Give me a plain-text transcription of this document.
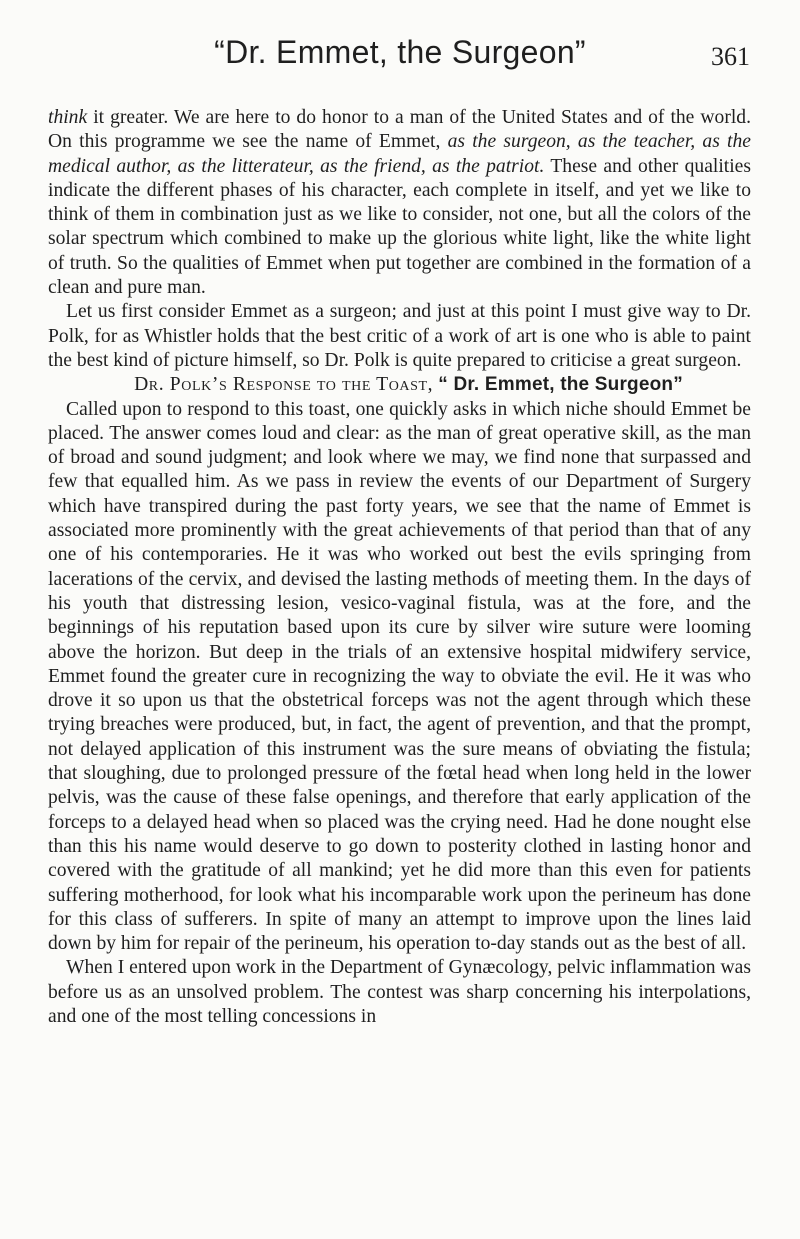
“Dr. Emmet, the Surgeon”	361

think it greater. We are here to do honor to a man of the United States and of the world. On this programme we see the name of Emmet, as the surgeon, as the teacher, as the medical author, as the litterateur, as the friend, as the patriot. These and other qualities indicate the different phases of his character, each complete in itself, and yet we like to think of them in combination just as we like to consider, not one, but all the colors of the solar spectrum which combined to make up the glorious white light, like the white light of truth. So the qualities of Emmet when put together are combined in the formation of a clean and pure man.

Let us first consider Emmet as a surgeon; and just at this point I must give way to Dr. Polk, for as Whistler holds that the best critic of a work of art is one who is able to paint the best kind of picture himself, so Dr. Polk is quite prepared to criticise a great surgeon.

Dr. Polk’s Response to the Toast, “ Dr. Emmet, the Surgeon”

Called upon to respond to this toast, one quickly asks in which niche should Emmet be placed. The answer comes loud and clear: as the man of great operative skill, as the man of broad and sound judgment; and look where we may, we find none that surpassed and few that equalled him. As we pass in review the events of our Department of Surgery which have transpired during the past forty years, we see that the name of Emmet is associated more prominently with the great achievements of that period than that of any one of his contemporaries. He it was who worked out best the evils springing from lacerations of the cervix, and devised the lasting methods of meeting them. In the days of his youth that distressing lesion, vesico-vaginal fistula, was at the fore, and the beginnings of his reputation based upon its cure by silver wire suture were looming above the horizon. But deep in the trials of an extensive hospital midwifery service, Emmet found the greater cure in recognizing the way to obviate the evil. He it was who drove it so upon us that the obstetrical forceps was not the agent through which these trying breaches were produced, but, in fact, the agent of prevention, and that the prompt, not delayed application of this instrument was the sure means of obviating the fistula; that sloughing, due to prolonged pressure of the fœtal head when long held in the lower pelvis, was the cause of these false openings, and therefore that early application of the forceps to a delayed head when so placed was the crying need. Had he done nought else than this his name would deserve to go down to posterity clothed in lasting honor and covered with the gratitude of all mankind; yet he did more than this even for patients suffering motherhood, for look what his incomparable work upon the perineum has done for this class of sufferers. In spite of many an attempt to improve upon the lines laid down by him for repair of the perineum, his operation to-day stands out as the best of all.

When I entered upon work in the Department of Gynæcology, pelvic inflammation was before us as an unsolved problem. The contest was sharp concerning his interpolations, and one of the most telling concessions in
